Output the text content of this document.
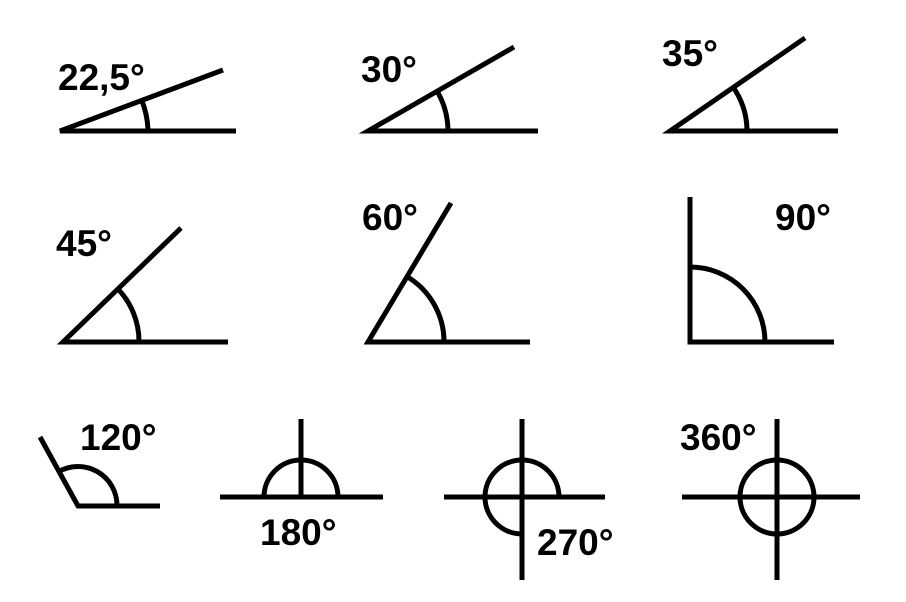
22,5°	30°	35°
45°
60°	90°
120°
180°	270°
360°
